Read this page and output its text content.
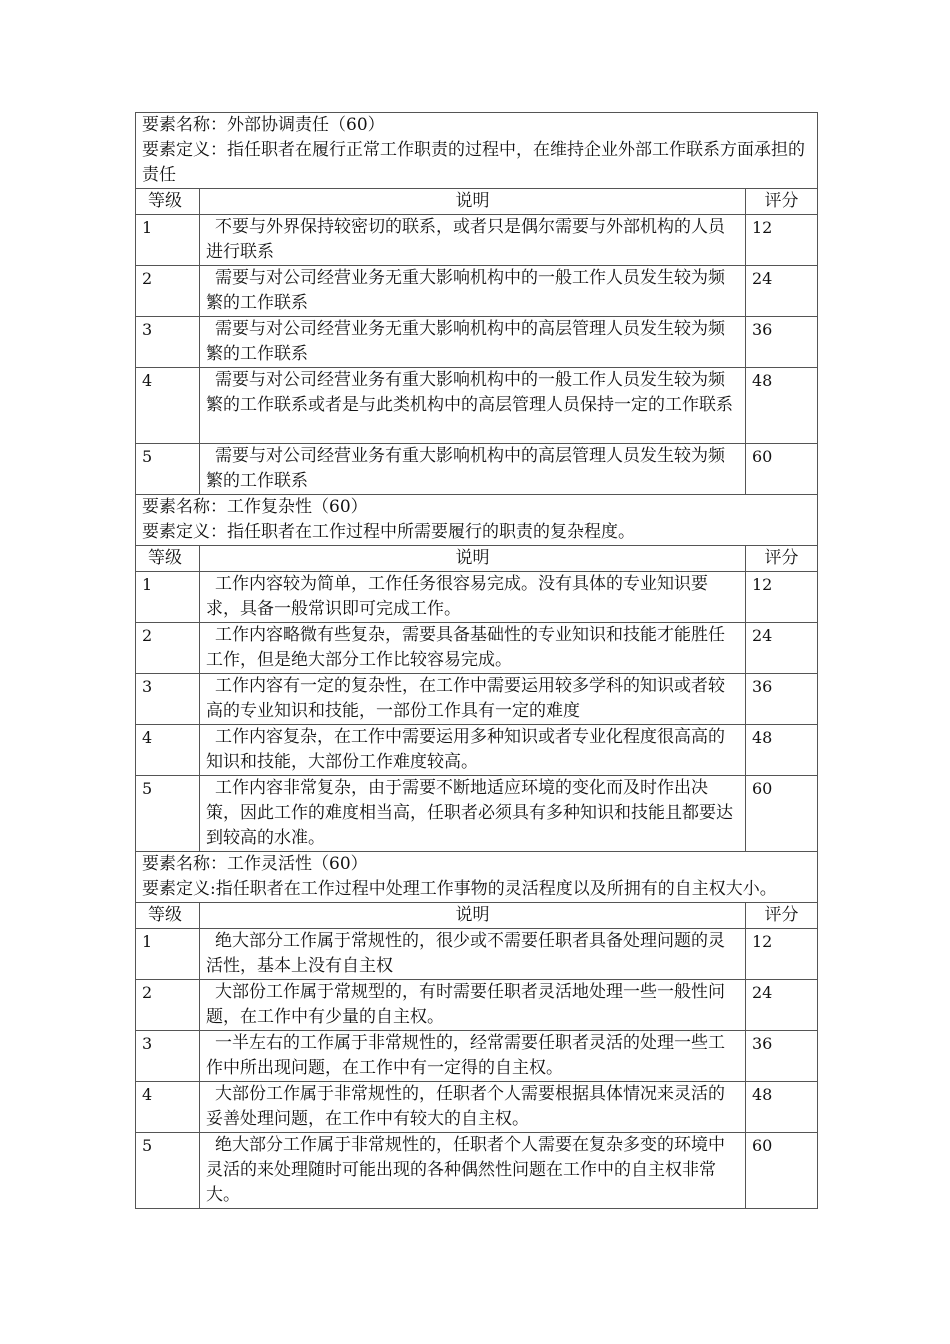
要素名称：外部协调责任（60）
要素定义：指任职者在履行正常工作职责的过程中，在维持企业外部工作联系方面承担的责任		

等级	说明	评分
1	不要与外界保持较密切的联系，或者只是偶尔需要与外部机构的人员进行联系	12
2	需要与对公司经营业务无重大影响机构中的一般工作人员发生较为频繁的工作联系	24
3	需要与对公司经营业务无重大影响机构中的高层管理人员发生较为频繁的工作联系	36
4	需要与对公司经营业务有重大影响机构中的一般工作人员发生较为频繁的工作联系或者是与此类机构中的高层管理人员保持一定的工作联系	48
5	需要与对公司经营业务有重大影响机构中的高层管理人员发生较为频繁的工作联系	60

要素名称：工作复杂性（60）
要素定义：指任职者在工作过程中所需要履行的职责的复杂程度。		

等级	说明	评分
1	工作内容较为简单，工作任务很容易完成。没有具体的专业知识要求，具备一般常识即可完成工作。	12
2	工作内容略微有些复杂，需要具备基础性的专业知识和技能才能胜任工作，但是绝大部分工作比较容易完成。	24
3	工作内容有一定的复杂性，在工作中需要运用较多学科的知识或者较高的专业知识和技能，一部份工作具有一定的难度	36
4	工作内容复杂，在工作中需要运用多种知识或者专业化程度很高高的知识和技能，大部份工作难度较高。	48
5	工作内容非常复杂，由于需要不断地适应环境的变化而及时作出决策，因此工作的难度相当高，任职者必须具有多种知识和技能且都要达到较高的水准。	60

要素名称：工作灵活性（60）
要素定义:指任职者在工作过程中处理工作事物的灵活程度以及所拥有的自主权大小。		

等级	说明	评分
1	绝大部分工作属于常规性的，很少或不需要任职者具备处理问题的灵活性，基本上没有自主权	12
2	大部份工作属于常规型的，有时需要任职者灵活地处理一些一般性问题，在工作中有少量的自主权。	24
3	一半左右的工作属于非常规性的，经常需要任职者灵活的处理一些工作中所出现问题，在工作中有一定得的自主权。	36
4	大部份工作属于非常规性的，任职者个人需要根据具体情况来灵活的妥善处理问题，在工作中有较大的自主权。	48
5	绝大部分工作属于非常规性的，任职者个人需要在复杂多变的环境中灵活的来处理随时可能出现的各种偶然性问题在工作中的自主权非常大。	60
